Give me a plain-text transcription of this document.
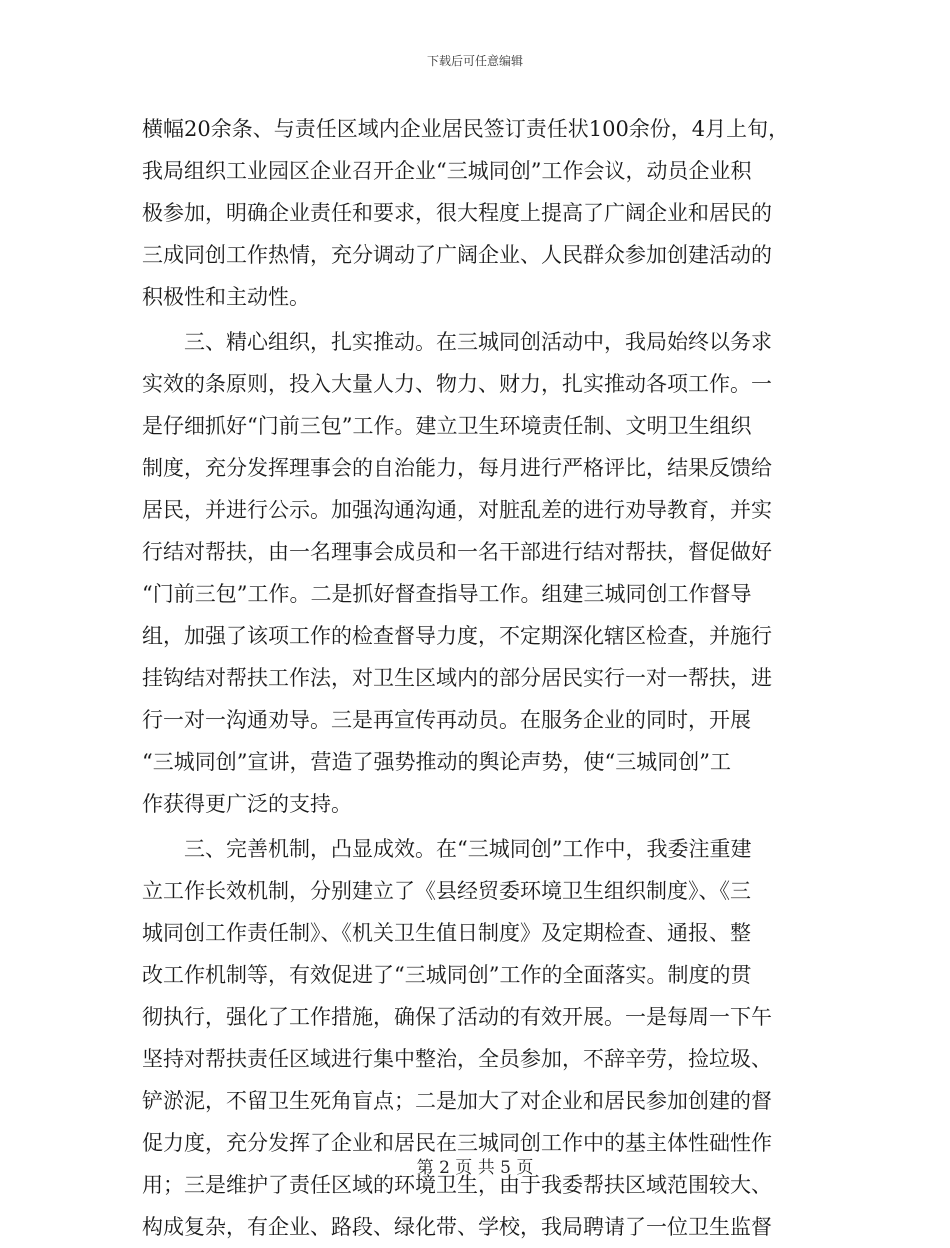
下载后可任意编辑
横幅20余条、与责任区域内企业居民签订责任状100余份，4月上旬，
我局组织工业园区企业召开企业“三城同创”工作会议，动员企业积
极参加，明确企业责任和要求，很大程度上提高了广阔企业和居民的
三成同创工作热情，充分调动了广阔企业、人民群众参加创建活动的
积极性和主动性。
　　三、精心组织，扎实推动。在三城同创活动中，我局始终以务求
实效的条原则，投入大量人力、物力、财力，扎实推动各项工作。一
是仔细抓好“门前三包”工作。建立卫生环境责任制、文明卫生组织
制度，充分发挥理事会的自治能力，每月进行严格评比，结果反馈给
居民，并进行公示。加强沟通沟通，对脏乱差的进行劝导教育，并实
行结对帮扶，由一名理事会成员和一名干部进行结对帮扶，督促做好
“门前三包”工作。二是抓好督查指导工作。组建三城同创工作督导
组，加强了该项工作的检查督导力度，不定期深化辖区检查，并施行
挂钩结对帮扶工作法，对卫生区域内的部分居民实行一对一帮扶，进
行一对一沟通劝导。三是再宣传再动员。在服务企业的同时，开展
“三城同创”宣讲，营造了强势推动的舆论声势，使“三城同创”工
作获得更广泛的支持。
　　三、完善机制，凸显成效。在“三城同创”工作中，我委注重建
立工作长效机制，分别建立了《县经贸委环境卫生组织制度》、《三
城同创工作责任制》、《机关卫生值日制度》及定期检查、通报、整
改工作机制等，有效促进了“三城同创”工作的全面落实。制度的贯
彻执行，强化了工作措施，确保了活动的有效开展。一是每周一下午
坚持对帮扶责任区域进行集中整治，全员参加，不辞辛劳，捡垃圾、
铲淤泥，不留卫生死角盲点；二是加大了对企业和居民参加创建的督
促力度，充分发挥了企业和居民在三城同创工作中的基主体性础性作
用；三是维护了责任区域的环境卫生，由于我委帮扶区域范围较大、
构成复杂，有企业、路段、绿化带、学校，我局聘请了一位卫生监督
第 2 页 共 5 页
